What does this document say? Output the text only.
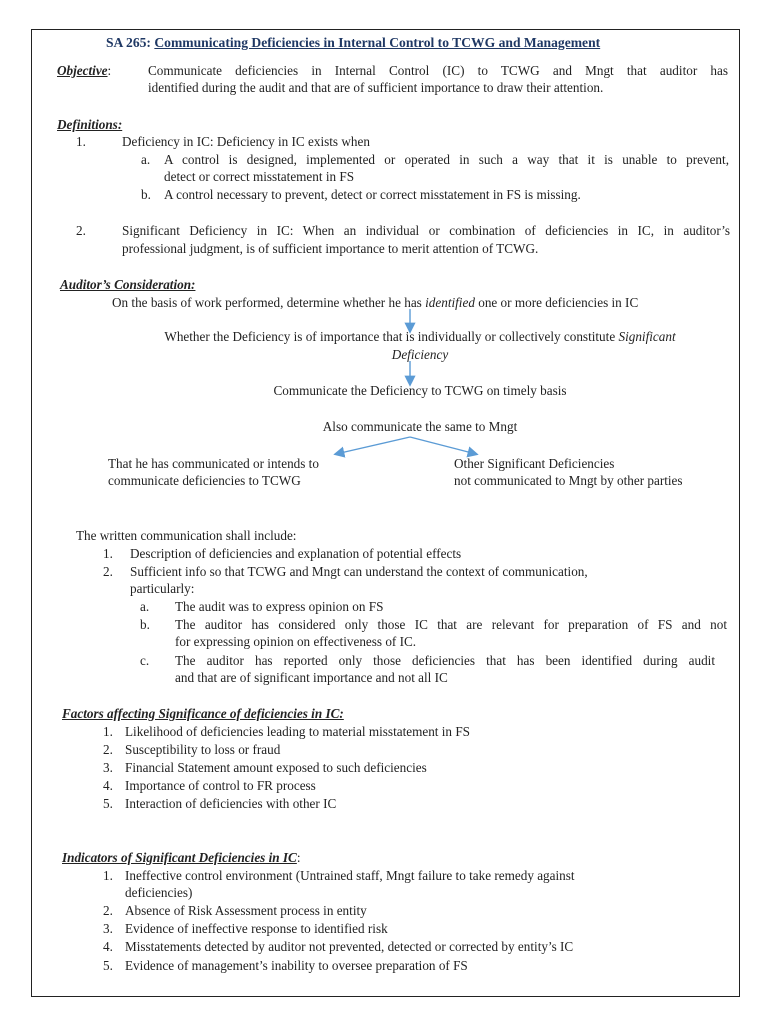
SA 265: Communicating Deficiencies in Internal Control to TCWG and Management
Objective:	Communicate deficiencies in Internal Control (IC) to TCWG and Mngt that auditor has
identified during the audit and that are of sufficient importance to draw their attention.
Definitions:
1.	Deficiency in IC: Deficiency in IC exists when
a. A control is designed, implemented or operated in such a way that it is unable to prevent,
detect or correct misstatement in FS
b. A control necessary to prevent, detect or correct misstatement in FS is missing.
2.	Significant Deficiency in IC: When an individual or combination of deficiencies in IC, in auditor’s
professional judgment, is of sufficient importance to merit attention of TCWG.
Auditor’s Consideration:
On the basis of work performed, determine whether he has identified one or more deficiencies in IC
Whether the Deficiency is of importance that is individually or collectively constitute Significant
Deficiency
Communicate the Deficiency to TCWG on timely basis
Also communicate the same to Mngt
That he has communicated or intends to
communicate deficiencies to TCWG
Other Significant Deficiencies
not communicated to Mngt by other parties
The written communication shall include:
1. Description of deficiencies and explanation of potential effects
2. Sufficient info so that TCWG and Mngt can understand the context of communication,
particularly:
a. The audit was to express opinion on FS
b. The auditor has considered only those IC that are relevant for preparation of FS and not
for expressing opinion on effectiveness of IC.
c. The auditor has reported only those deficiencies that has been identified during audit
and that are of significant importance and not all IC
Factors affecting Significance of deficiencies in IC:
1. Likelihood of deficiencies leading to material misstatement in FS
2. Susceptibility to loss or fraud
3. Financial Statement amount exposed to such deficiencies
4. Importance of control to FR process
5. Interaction of deficiencies with other IC
Indicators of Significant Deficiencies in IC:
1. Ineffective control environment (Untrained staff, Mngt failure to take remedy against
deficiencies)
2. Absence of Risk Assessment process in entity
3. Evidence of ineffective response to identified risk
4. Misstatements detected by auditor not prevented, detected or corrected by entity’s IC
5. Evidence of management’s inability to oversee preparation of FS
